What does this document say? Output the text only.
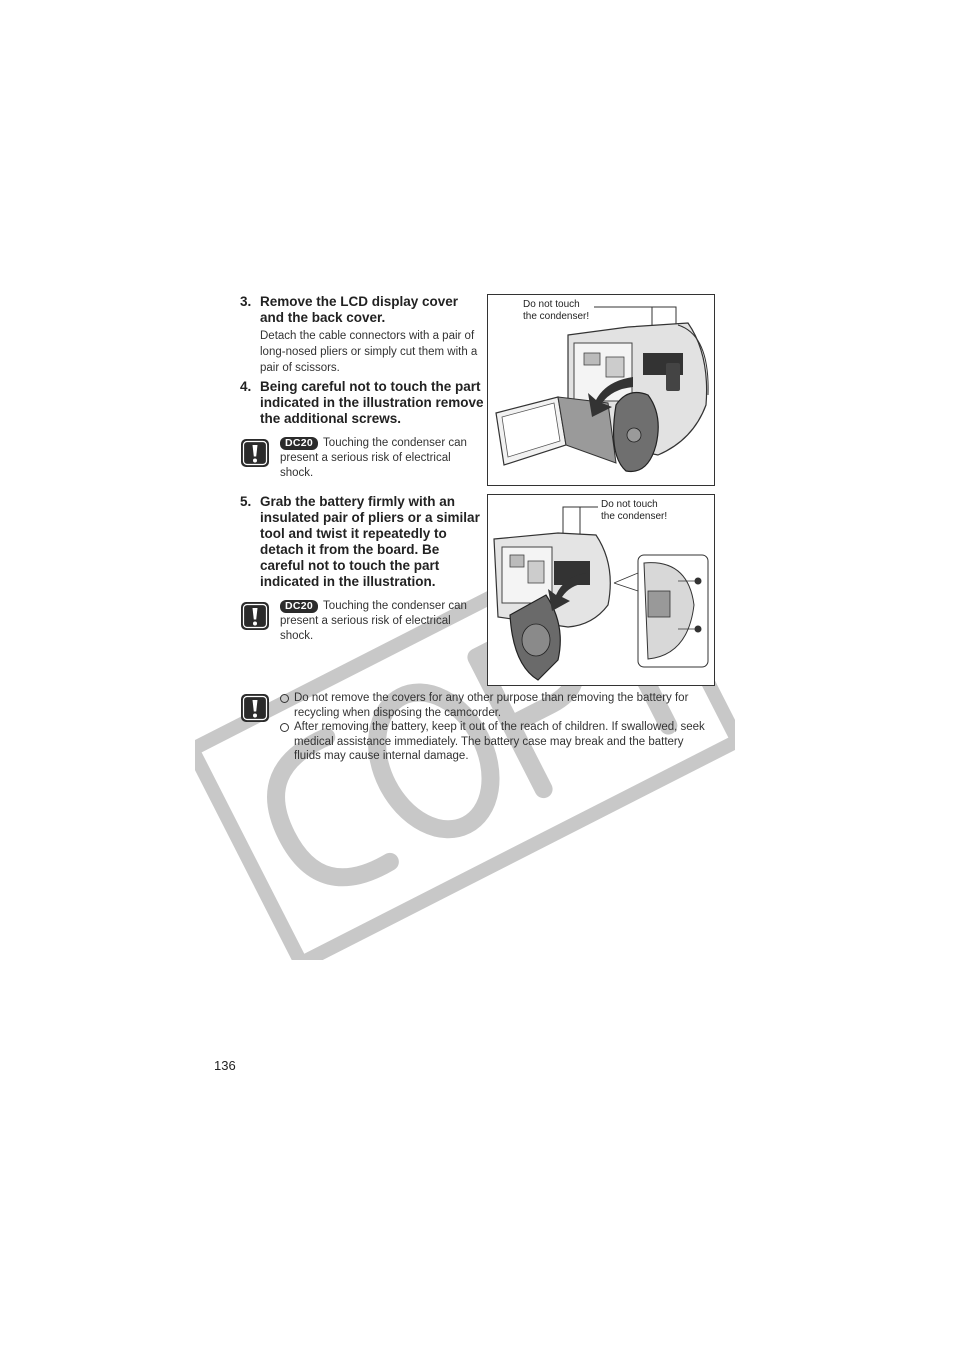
3. Remove the LCD display cover and the back cover.
Detach the cable connectors with a pair of long-nosed pliers or simply cut them with a pair of scissors.
4. Being careful not to touch the part indicated in the illustration remove the additional screws.
DC20 Touching the condenser can present a serious risk of electrical shock.
5. Grab the battery firmly with an insulated pair of pliers or a similar tool and twist it repeatedly to detach it from the board. Be careful not to touch the part indicated in the illustration.
DC20 Touching the condenser can present a serious risk of electrical shock.
Do not touch
the condenser!
Do not touch
the condenser!
Do not remove the covers for any other purpose than removing the battery for recycling when disposing the camcorder.
After removing the battery, keep it out of the reach of children. If swallowed, seek medical assistance immediately. The battery case may break and the battery fluids may cause internal damage.
136
